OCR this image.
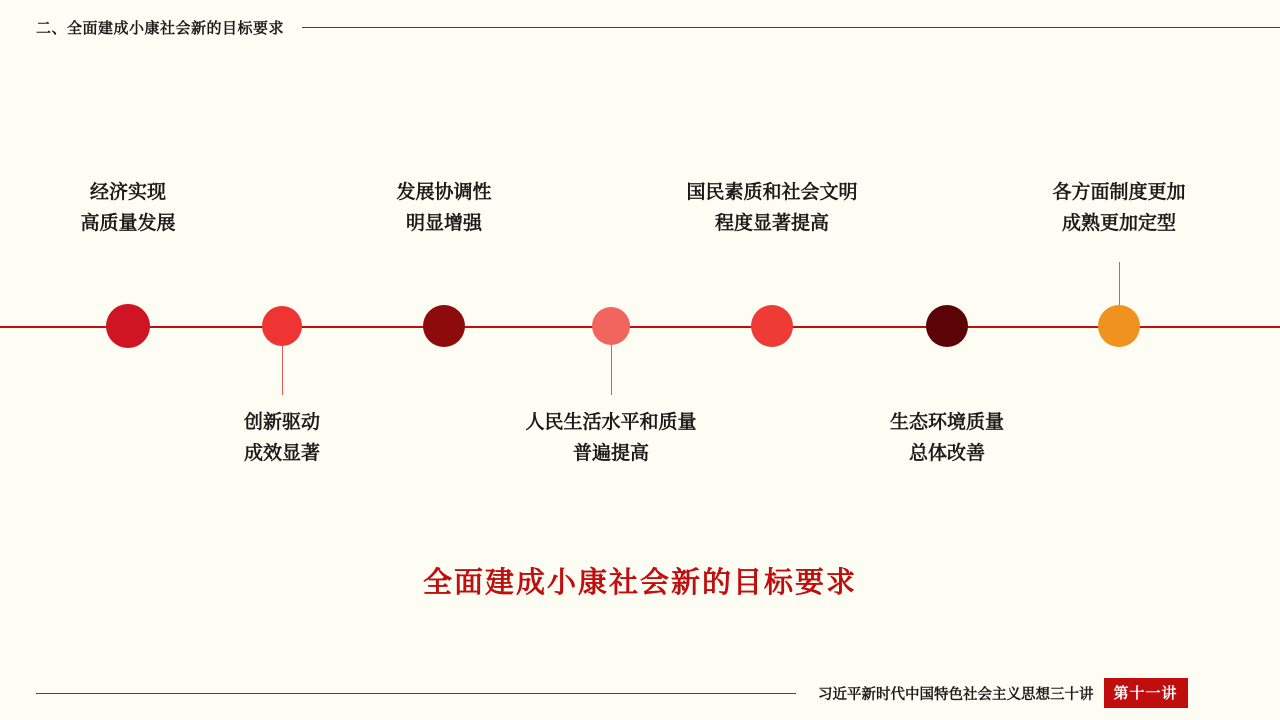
二、全面建成小康社会新的目标要求
经济实现
高质量发展
创新驱动
成效显著
发展协调性
明显增强
人民生活水平和质量
普遍提高
国民素质和社会文明
程度显著提高
生态环境质量
总体改善
各方面制度更加
成熟更加定型
全面建成小康社会新的目标要求
习近平新时代中国特色社会主义思想三十讲	第十一讲
